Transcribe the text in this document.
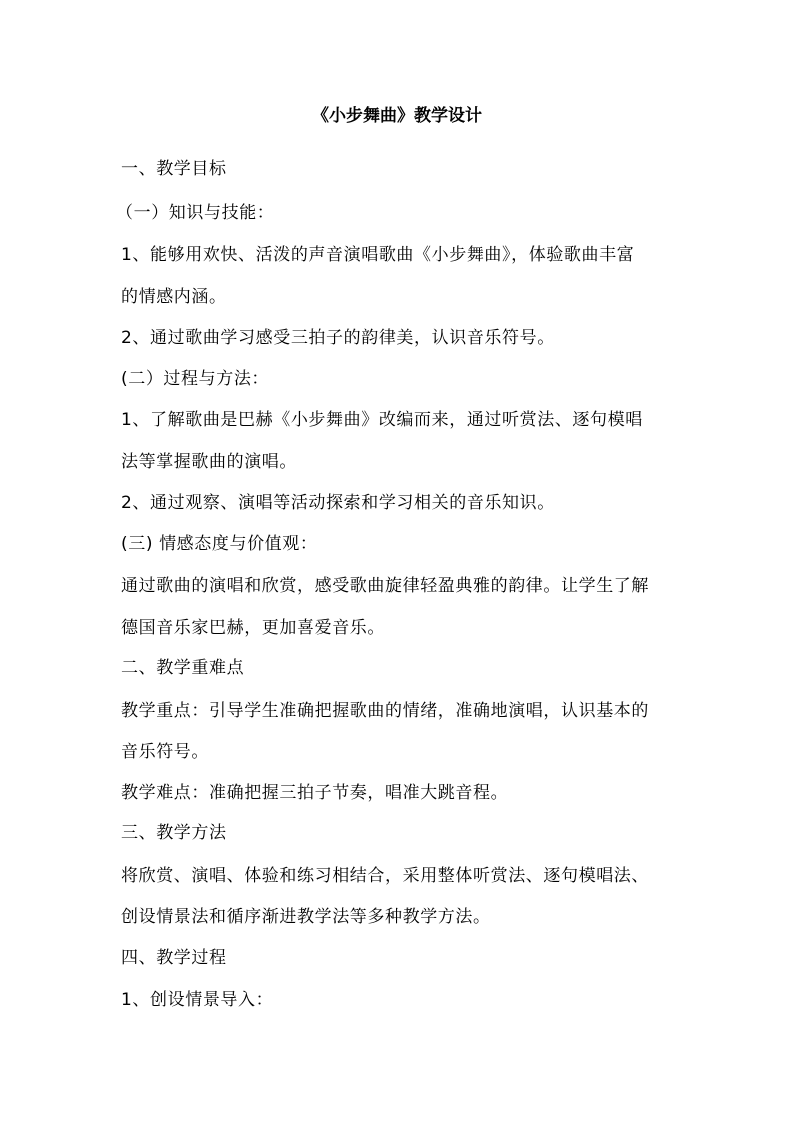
《小步舞曲》教学设计
一、教学目标
（一）知识与技能：
1、能够用欢快、活泼的声音演唱歌曲《小步舞曲》，体验歌曲丰富
的情感内涵。
2、通过歌曲学习感受三拍子的韵律美，认识音乐符号。
(二）过程与方法：
1、了解歌曲是巴赫《小步舞曲》改编而来，通过听赏法、逐句模唱
法等掌握歌曲的演唱。
2、通过观察、演唱等活动探索和学习相关的音乐知识。
(三) 情感态度与价值观：
通过歌曲的演唱和欣赏，感受歌曲旋律轻盈典雅的韵律。让学生了解
德国音乐家巴赫，更加喜爱音乐。
二、教学重难点
教学重点：引导学生准确把握歌曲的情绪，准确地演唱，认识基本的
音乐符号。
教学难点：准确把握三拍子节奏，唱准大跳音程。
三、教学方法
将欣赏、演唱、体验和练习相结合，采用整体听赏法、逐句模唱法、
创设情景法和循序渐进教学法等多种教学方法。
四、教学过程
1、创设情景导入：
